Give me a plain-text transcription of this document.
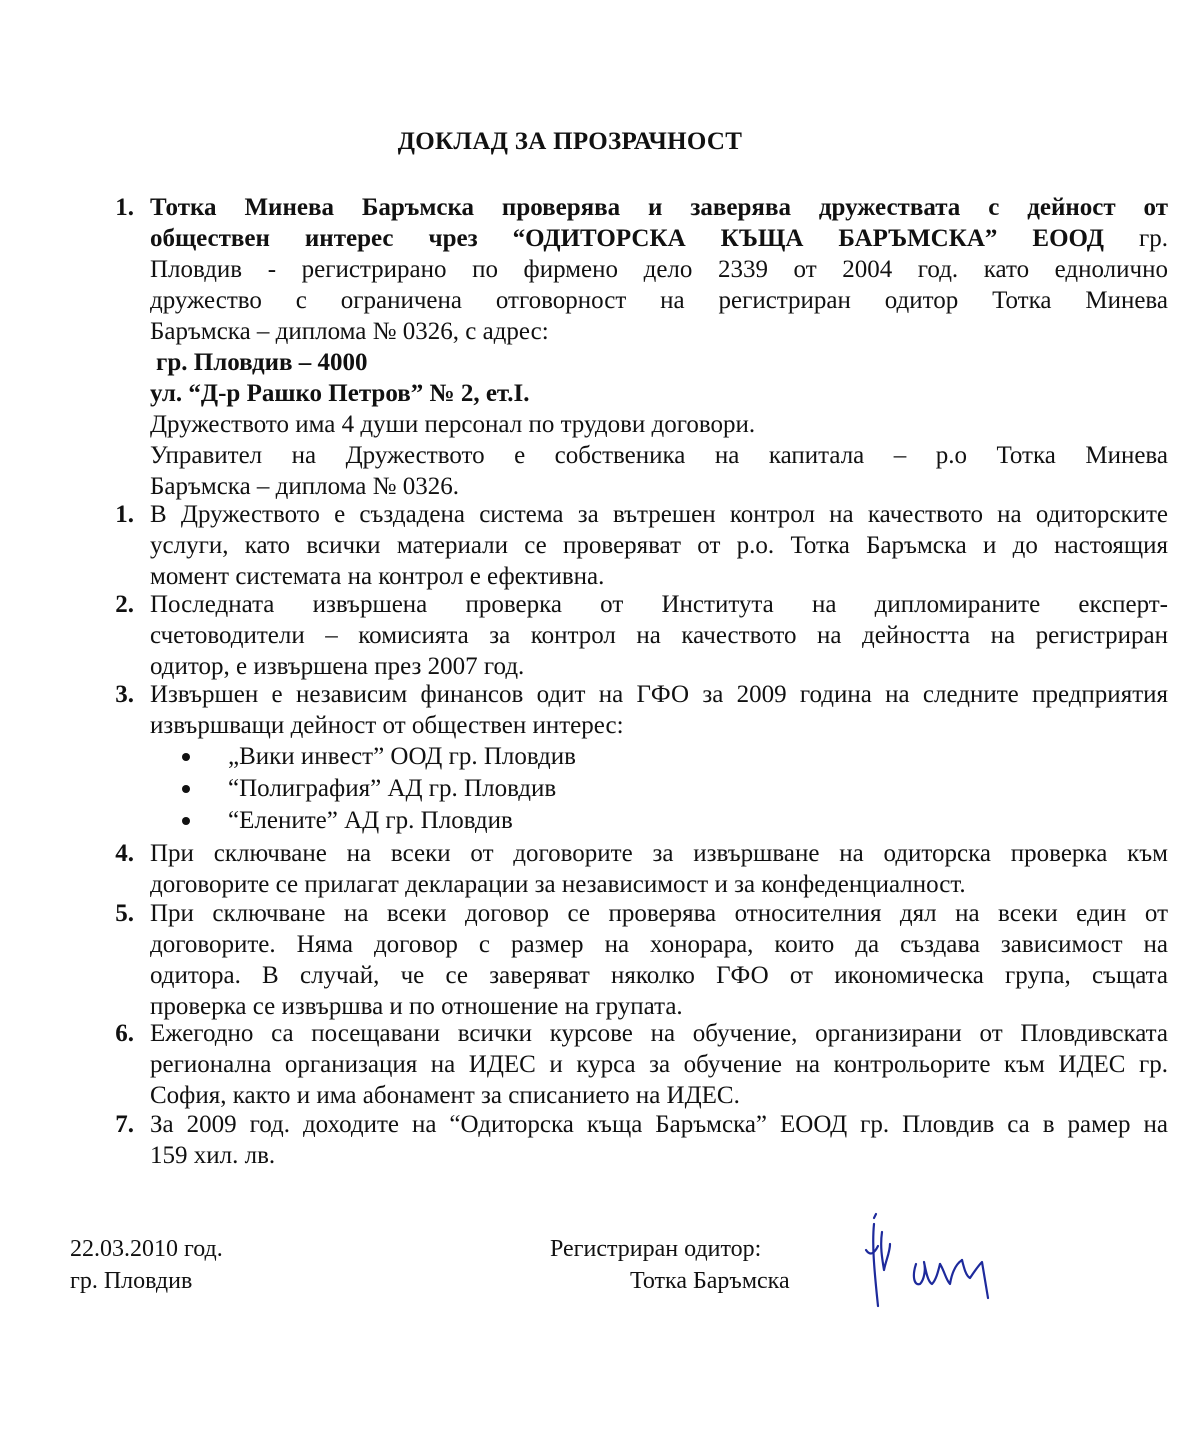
ДОКЛАД ЗА ПРОЗРАЧНОСТ
1. Тотка Минева Баръмска проверява и заверява дружествата с дейност от
обществен интерес чрез “ОДИТОРСКА КЪЩА БАРЪМСКА” ЕООД гр.
Пловдив - регистрирано по фирмено дело 2339 от 2004 год. като едноличнo
дружество с ограничена отговорност на регистриран одитор Тотка Минева
Баръмска – диплома № 0326, с адрес:
гр. Пловдив – 4000
ул. “Д-р Рашко Петров” № 2, ет.I.
Дружеството има 4 души персонал по трудови договори.
Управител на Дружеството е собственика на капитала – р.о Тотка Минева
Баръмска – диплома № 0326.
1. В Дружеството е създадена система за вътрешен контрол на качеството на одиторските
услуги, като всички материали се проверяват от р.о. Тотка Баръмска и до настоящия
момент системата на контрол е ефективна.
2. Последната извършена проверка от Института на дипломираните експерт-
счетоводители – комисията за контрол на качеството на дейността на регистриран
одитор, е извършена през 2007 год.
3. Извършен е независим финансов одит на ГФО за 2009 година на следните предприятия
извършващи дейност от обществен интерес:
„Вики инвест” ООД гр. Пловдив
“Полиграфия” АД гр. Пловдив
“Елените” АД гр. Пловдив
4. При сключване на всеки от договорите за извършване на одиторска проверка към
договорите се прилагат декларации за независимост и за конфеденциалност.
5. При сключване на всеки договор се проверява относителния дял на всеки един от
договорите. Няма договор с размер на хонорара, които да създава зависимост на
одитора. В случай, че се заверяват няколко ГФО от икономическа група, същата
проверка се извършва и по отношение на групата.
6. Ежегодно са посещавани всички курсове на обучение, организирани от Пловдивската
регионална организация на ИДЕС и курса за обучение на контрольорите към ИДЕС гр.
София, както и има абонамент за списанието на ИДЕС.
7. За 2009 год. доходите на “Одиторска къща Баръмска” ЕООД гр. Пловдив са в рамер на
159 хил. лв.
22.03.2010 год.
гр. Пловдив
Регистриран одитор:
Тотка Баръмска
